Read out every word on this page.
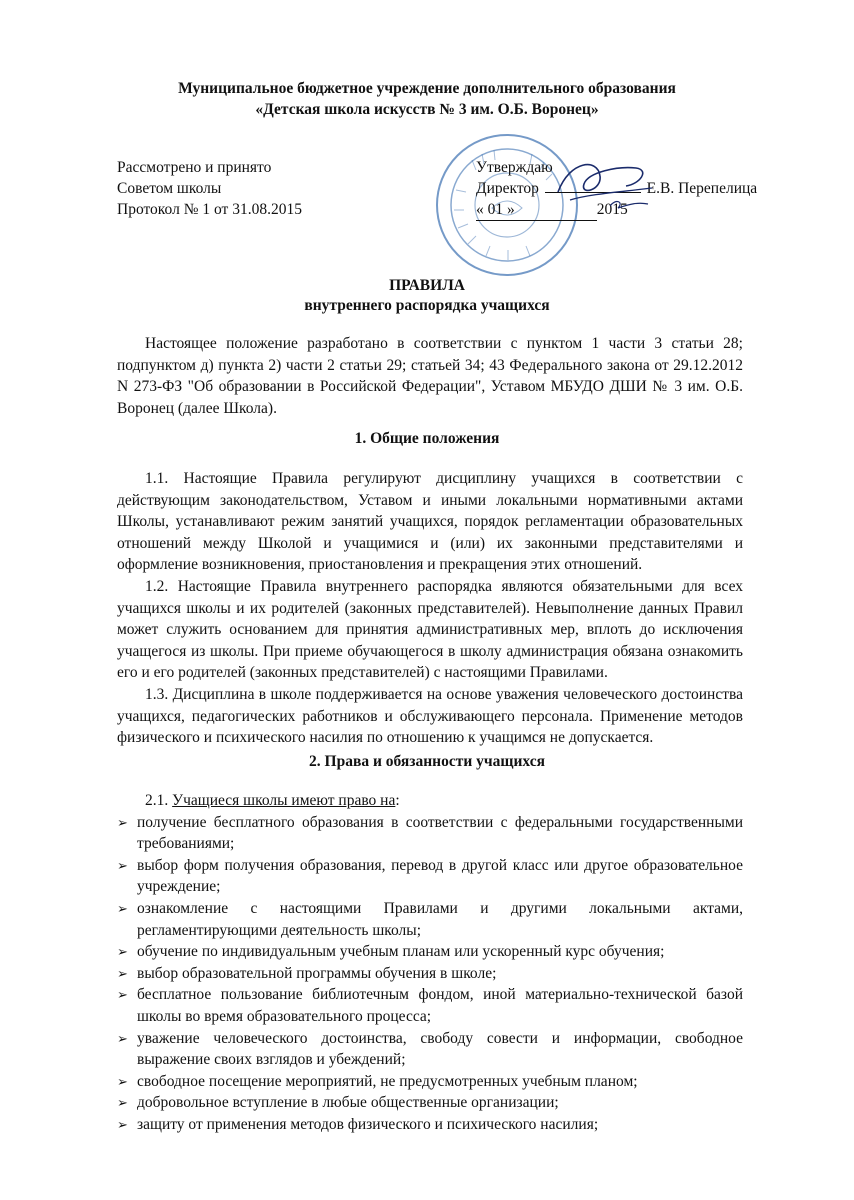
Муниципальное бюджетное учреждение дополнительного образования
«Детская школа искусств № 3 им. О.Б. Воронец»
Рассмотрено и принято
Советом школы
Протокол № 1 от 31.08.2015
Утверждаю
Директор	Е.В. Перепелица
« 01 »	2015
ПРАВИЛА
внутреннего распорядка учащихся

Настоящее положение разработано в соответствии с пунктом 1 части 3 статьи 28; подпунктом д) пункта 2) части 2 статьи 29; статьей 34; 43 Федерального закона от 29.12.2012 N 273-ФЗ "Об образовании в Российской Федерации", Уставом МБУДО ДШИ № 3 им. О.Б. Воронец (далее Школа).

1. Общие положения

1.1. Настоящие Правила регулируют дисциплину учащихся в соответствии с действующим законодательством, Уставом и иными локальными нормативными актами Школы, устанавливают режим занятий учащихся, порядок регламентации образовательных отношений между Школой и учащимися и (или) их законными представителями и оформление возникновения, приостановления и прекращения этих отношений.

1.2. Настоящие Правила внутреннего распорядка являются обязательными для всех учащихся школы и их родителей (законных представителей). Невыполнение данных Правил может служить основанием для принятия административных мер, вплоть до исключения учащегося из школы. При приеме обучающегося в школу администрация обязана ознакомить его и его родителей (законных представителей) с настоящими Правилами.

1.3. Дисциплина в школе поддерживается на основе уважения человеческого достоинства учащихся, педагогических работников и обслуживающего персонала. Применение методов физического и психического насилия по отношению к учащимся не допускается.

2. Права и обязанности учащихся

2.1. Учащиеся школы имеют право на:

➢ получение бесплатного образования в соответствии с федеральными государственными требованиями;
➢ выбор форм получения образования, перевод в другой класс или другое образовательное учреждение;
➢ ознакомление с настоящими Правилами и другими локальными актами, регламентирующими деятельность школы;
➢ обучение по индивидуальным учебным планам или ускоренный курс обучения;
➢ выбор образовательной программы обучения в школе;
➢ бесплатное пользование библиотечным фондом, иной материально-технической базой школы во время образовательного процесса;
➢ уважение человеческого достоинства, свободу совести и информации, свободное выражение своих взглядов и убеждений;
➢ свободное посещение мероприятий, не предусмотренных учебным планом;
➢ добровольное вступление в любые общественные организации;
➢ защиту от применения методов физического и психического насилия;
